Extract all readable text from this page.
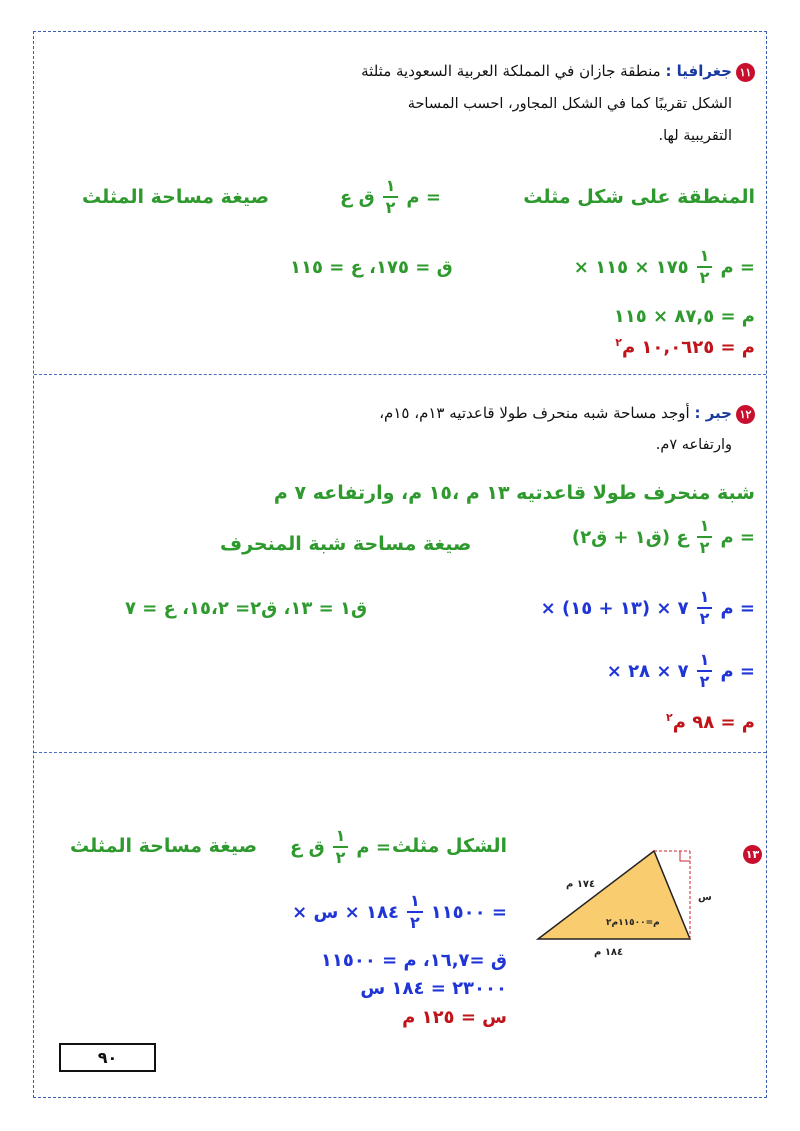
١١جغرافيا : منطقة جازان في المملكة العربية السعودية مثلثة
الشكل تقريبًا كما في الشكل المجاور، احسب المساحة
التقريبية لها.
المنطقة على شكل مثلث
صيغة مساحة المثلث	م =
$\frac{١}{٢}$
ق ع
م =
$\frac{١}{٢}$
× ١٧٥ × ١١٥
ق = ١٧٥، ع = ١١٥
م = ٨٧,٥ × ١١٥
م = ١٠,٠٦٢٥ م$^٢$
١٢جبر : أوجد مساحة شبه منحرف طولا قاعدتيه ١٣م، ١٥م،
وارتفاعه ٧م.
شبة منحرف طولا قاعدتيه ١٣ م ،١٥ م، وارتفاعه ٧ م
م =
$\frac{١}{٢}$
ع (ق١ + ق٢)
صيغة مساحة شبة المنحرف
م =
$\frac{١}{٢}$
× ٧ × (١٣ + ١٥)
ق١ = ١٣، ق٢= ١٥،٢، ع = ٧
م =
$\frac{١}{٢}$
× ٧ × ٢٨
م = ٩٨ م$^٢$
١٣
١٧٤ م
١٨٤ م
س
م=١١٥٠٠م٢
الشكل مثلث
م =
$\frac{١}{٢}$
ق ع
صيغة مساحة المثلث
١١٥٠٠ =
$\frac{١}{٢}$
× ١٨٤ × س
ق =١٦,٧، م = ١١٥٠٠
٢٣٠٠٠ = ١٨٤ س
س = ١٢٥ م
٩٠
